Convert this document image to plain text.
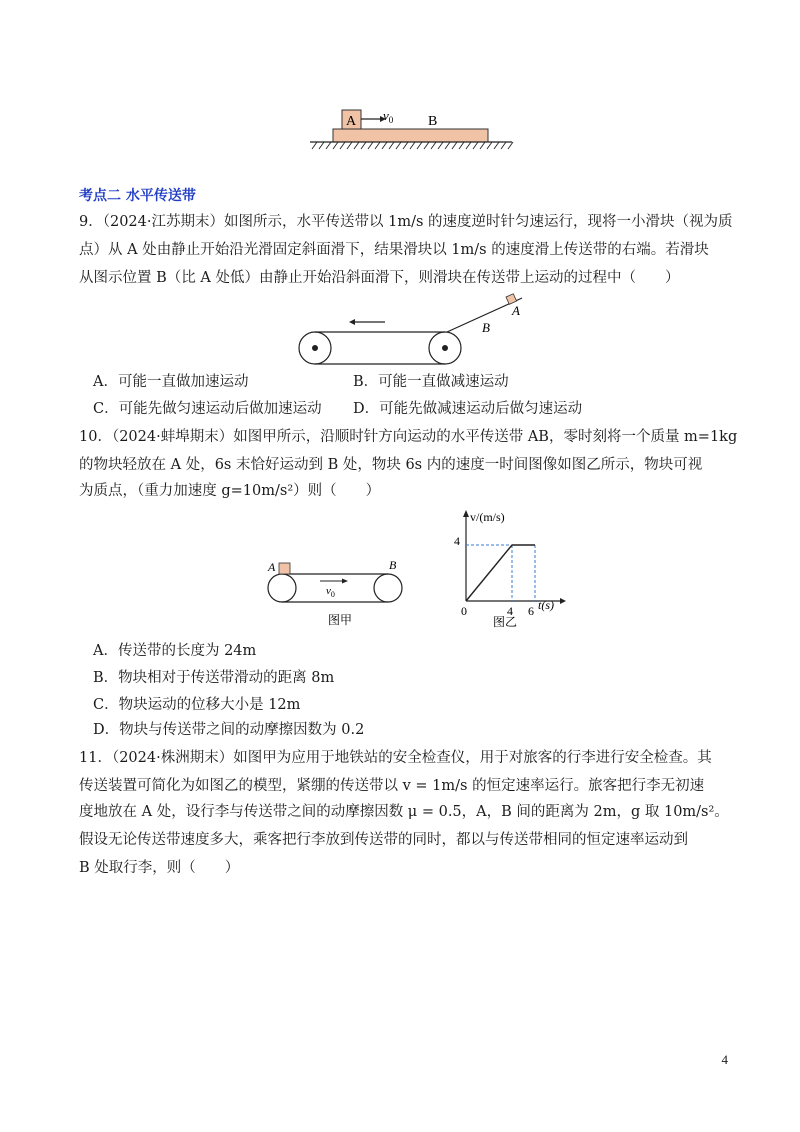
A $v_0$ B
考点二 水平传送带
9．（2024·江苏期末）如图所示，水平传送带以 1m/s 的速度逆时针匀速运行，现将一小滑块（视为质
点）从 A 处由静止开始沿光滑固定斜面滑下，结果滑块以 1m/s 的速度滑上传送带的右端。若滑块
从图示位置 B（比 A 处低）由静止开始沿斜面滑下，则滑块在传送带上运动的过程中（　　）
A
B
A．可能一直做加速运动	B．可能一直做减速运动
C．可能先做匀速运动后做加速运动 D．可能先做减速运动后做匀速运动
10．（2024·蚌埠期末）如图甲所示，沿顺时针方向运动的水平传送带 AB，零时刻将一个质量 m=1kg
的物块轻放在 A 处，6s 末恰好运动到 B 处，物块 6s 内的速度一时间图像如图乙所示，物块可视
为质点，（重力加速度 g=10m/s²）则（　　）
A	B
$v_0$
图甲
v/(m/s)
t(s)
0
4
4 6
图乙
A．传送带的长度为 24m
B．物块相对于传送带滑动的距离 8m
C．物块运动的位移大小是 12m
D．物块与传送带之间的动摩擦因数为 0.2
11．（2024·株洲期末）如图甲为应用于地铁站的安全检查仪，用于对旅客的行李进行安全检查。其
传送装置可简化为如图乙的模型，紧绷的传送带以 v = 1m/s 的恒定速率运行。旅客把行李无初速
度地放在 A 处，设行李与传送带之间的动摩擦因数 μ = 0.5，A，B 间的距离为 2m，g 取 10m/s²。
假设无论传送带速度多大，乘客把行李放到传送带的同时，都以与传送带相同的恒定速率运动到
B 处取行李，则（　　）
4
